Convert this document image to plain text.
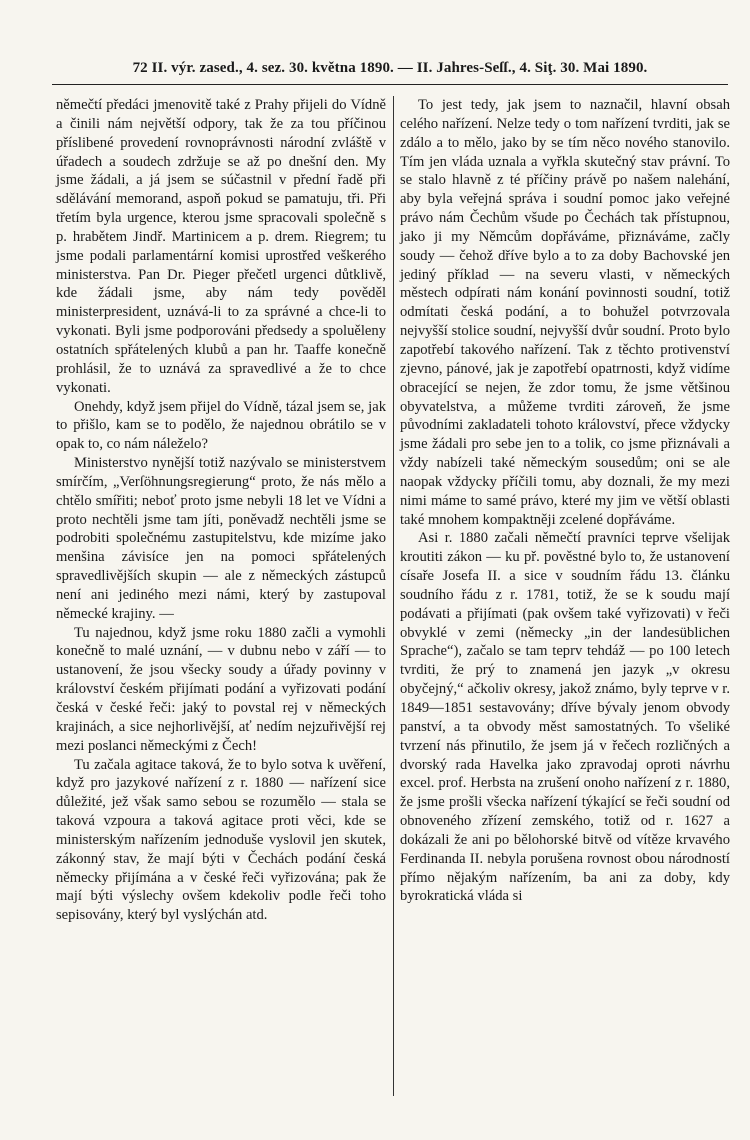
72 II. výr. zased., 4. sez. 30. května 1890. — II. Jahres-Seſſ., 4. Siţ. 30. Mai 1890.

němečtí předáci jmenovitě také z Prahy přijeli do Vídně a činili nám největší odpory, tak že za tou příčinou příslibené provedení rovnoprávnosti národní zvláště v úřadech a soudech zdržuje se až po dnešní den. My jsme žádali, a já jsem se súčastnil v přední řadě při sdělávání memorand, aspoň pokud se pamatuju, tři. Při třetím byla urgence, kterou jsme spracovali společně s p. hrabětem Jindř. Martinicem a p. drem. Riegrem; tu jsme podali parlamentární komisi uprostřed veškerého ministerstva. Pan Dr. Pieger přečetl urgenci důtklivě, kde žádali jsme, aby nám tedy pověděl ministerpresident, uznává-li to za správné a chce-li to vykonati. Byli jsme podporováni předsedy a spoluěleny ostatních spřátelených klubů a pan hr. Taaffe konečně prohlásil, že to uznává za spravedlivé a že to chce vykonati.

Onehdy, když jsem přijel do Vídně, tázal jsem se, jak to přišlo, kam se to podělo, že najednou obrátilo se v opak to, co nám náleželo?

Ministerstvo nynější totiž nazývalo se ministerstvem smírčím, „Verſöhnungsregierung“ proto, že nás mělo a chtělo smířiti; neboť proto jsme nebyli 18 let ve Vídni a proto nechtěli jsme tam jíti, poněvadž nechtěli jsme se podrobiti společnému zastupitelstvu, kde mizíme jako menšina závisíce jen na pomoci spřátelených spravedlivějších skupin — ale z německých zástupců není ani jediného mezi námi, který by zastupoval německé krajiny. —

Tu najednou, když jsme roku 1880 začli a vymohli konečně to malé uznání, — v dubnu nebo v září — to ustanovení, že jsou všecky soudy a úřady povinny v království českém přijímati podání a vyřizovati podání česká v české řeči: jaký to povstal rej v německých krajinách, a sice nejhorlivější, ať nedím nejzuřivější rej mezi poslanci německými z Čech!

Tu začala agitace taková, že to bylo sotva k uvěření, když pro jazykové nařízení z r. 1880 — nařízení sice důležité, jež však samo sebou se rozumělo — stala se taková vzpoura a taková agitace proti věci, kde se ministerským nařízením jednoduše vyslovil jen skutek, zákonný stav, že mají býti v Čechách podání česká německy přijímána a v české řeči vyřizována; pak že mají býti výslechy ovšem kdekoliv podle řeči toho sepisovány, který byl vyslýchán atd.

To jest tedy, jak jsem to naznačil, hlavní obsah celého nařízení. Nelze tedy o tom nařízení tvrditi, jak se zdálo a to mělo, jako by se tím něco nového stanovilo. Tím jen vláda uznala a vyřkla skutečný stav právní. To se stalo hlavně z té příčiny právě po našem nalehání, aby byla veřejná správa i soudní pomoc jako veřejné právo nám Čechům všude po Čechách tak přístupnou, jako ji my Němcům dopřáváme, přiznáváme, začly soudy — čehož dříve bylo a to za doby Bachovské jen jediný příklad — na severu vlasti, v německých městech odpírati nám konání povinnosti soudní, totiž odmítati česká podání, a to bohužel potvrzovala nejvyšší stolice soudní, nejvyšší dvůr soudní. Proto bylo zapotřebí takového nařízení. Tak z těchto protivenství zjevno, pánové, jak je zapotřebí opatrnosti, když vidíme obracející se nejen, že zdor tomu, že jsme většinou obyvatelstva, a můžeme tvrditi zároveň, že jsme původními zakladateli tohoto království, přece vždycky jsme žádali pro sebe jen to a tolik, co jsme přiznávali a vždy nabízeli také německým sousedům; oni se ale naopak vždycky příčili tomu, aby doznali, že my mezi nimi máme to samé právo, které my jim ve větší oblasti také mnohem kompaktněji zcelené dopřáváme.

Asi r. 1880 začali němečtí pravníci teprve všelijak kroutiti zákon — ku př. pověstné bylo to, že ustanovení císaře Josefa II. a sice v soudním řádu 13. článku soudního řádu z r. 1781, totiž, že se k soudu mají podávati a přijímati (pak ovšem také vyřizovati) v řeči obvyklé v zemi (německy „in der landesüblichen Sprache“), začalo se tam teprv tehdáž — po 100 letech tvrditi, že prý to znamená jen jazyk „v okresu obyčejný,“ ačkoliv okresy, jakož známo, byly teprve v r. 1849—1851 sestavovány; dříve bývaly jenom obvody panství, a ta obvody měst samostatných. To všeliké tvrzení nás přinutilo, že jsem já v řečech rozličných a dvorský rada Havelka jako zpravodaj oproti návrhu excel. prof. Herbsta na zrušení onoho nařízení z r. 1880, že jsme prošli všecka nařízení týkající se řeči soudní od obnoveného zřízení zemského, totiž od r. 1627 a dokázali že ani po bělohorské bitvě od vítěze krvavého Ferdinanda II. nebyla porušena rovnost obou národností přímo nějakým nařízením, ba ani za doby, kdy byrokratická vláda si
